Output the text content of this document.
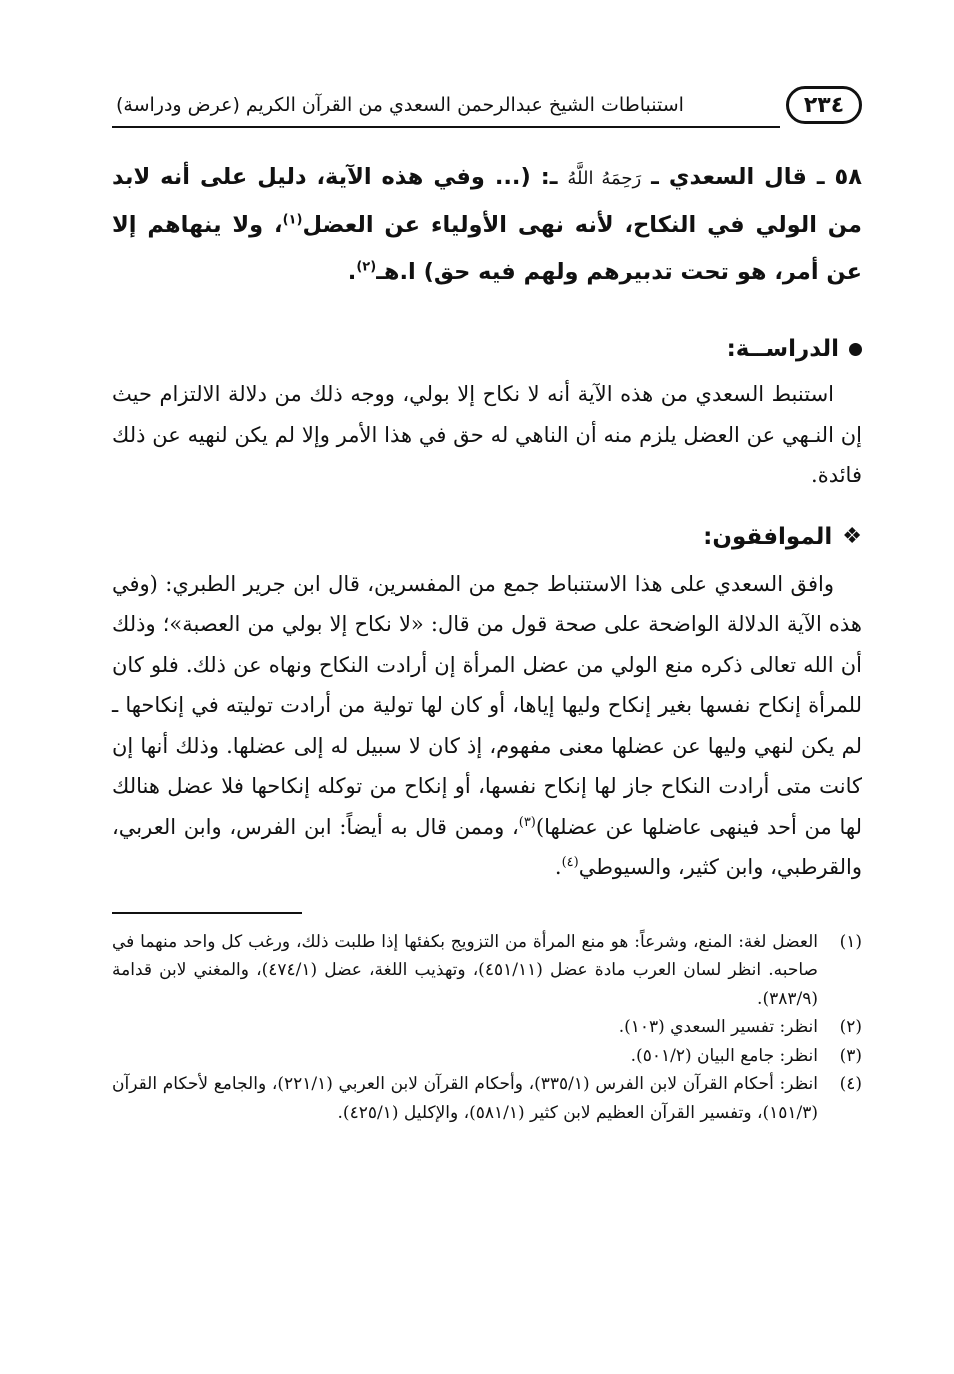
٢٣٤
استنباطات الشيخ عبدالرحمن السعدي من القرآن الكريم (عرض ودراسة)
٥٨ ـ قال السعدي ـ رَحِمَهُ اللَّهُ ـ: (... وفي هذه الآية، دليل على أنه لابد من الولي في النكاح، لأنه نهى الأولياء عن العضل$^{(١)}$، ولا ينهاهم إلا عن أمر، هو تحت تدبيرهم ولهم فيه حق) ا.هـ$^{(٢)}$.
الدراســة:
استنبط السعدي من هذه الآية أنه لا نكاح إلا بولي، ووجه ذلك من دلالة الالتزام حيث إن النـهي عن العضل يلزم منه أن الناهي له حق في هذا الأمر وإلا لم يكن لنهيه عن ذلك فائدة.
❖
الموافقون:
وافق السعدي على هذا الاستنباط جمع من المفسرين، قال ابن جرير الطبري: (وفي هذه الآية الدلالة الواضحة على صحة قول من قال: «لا نكاح إلا بولي من العصبة»؛ وذلك أن الله تعالى ذكره منع الولي من عضل المرأة إن أرادت النكاح ونهاه عن ذلك. فلو كان للمرأة إنكاح نفسها بغير إنكاح وليها إياها، أو كان لها تولية من أرادت توليته في إنكاحها ـ لم يكن لنهي وليها عن عضلها معنى مفهوم، إذ كان لا سبيل له إلى عضلها. وذلك أنها إن كانت متى أرادت النكاح جاز لها إنكاح نفسها، أو إنكاح من توكله إنكاحها فلا عضل هنالك لها من أحد فينهى عاضلها عن عضلها)$^{(٣)}$، وممن قال به أيضاً: ابن الفرس، وابن العربي، والقرطبي، وابن كثير، والسيوطي$^{(٤)}$.
(١)
العضل لغة: المنع، وشرعاً: هو منع المرأة من التزويج بكفئها إذا طلبت ذلك، ورغب كل واحد منهما في صاحبه. انظر لسان العرب مادة عضل (٤٥١/١١)، وتهذيب اللغة، عضل (٤٧٤/١)، والمغني لابن قدامة (٣٨٣/٩).
(٢)
انظر: تفسير السعدي (١٠٣).
(٣)
انظر: جامع البيان (٥٠١/٢).
(٤)
انظر: أحكام القرآن لابن الفرس (٣٣٥/١)، وأحكام القرآن لابن العربي (٢٢١/١)، والجامع لأحكام القرآن (١٥١/٣)، وتفسير القرآن العظيم لابن كثير (٥٨١/١)، والإكليل (٤٢٥/١).
